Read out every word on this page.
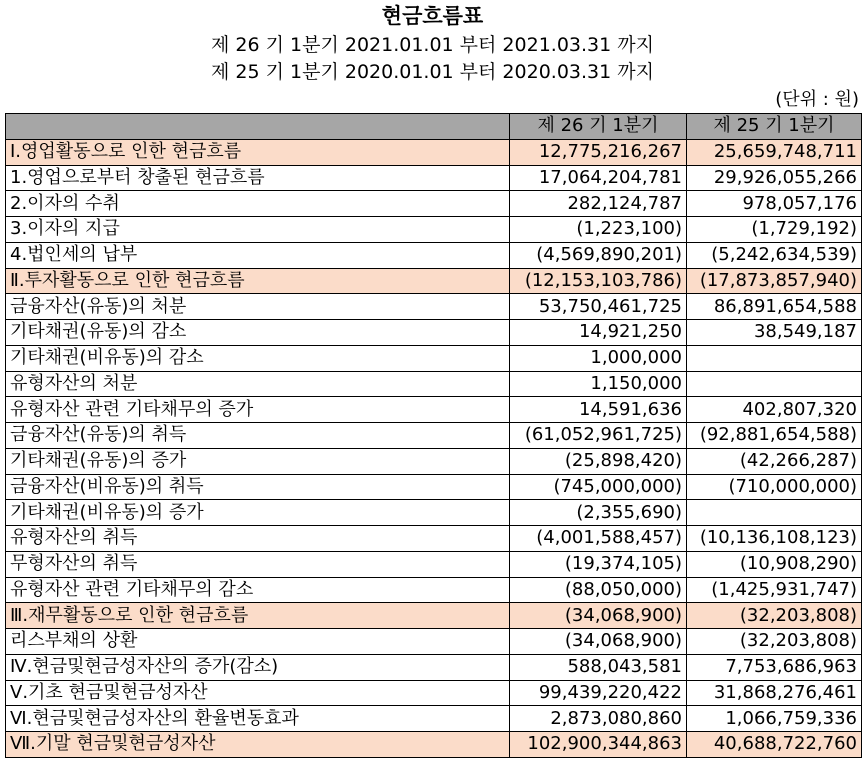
현금흐름표
제 26 기 1분기 2021.01.01 부터 2021.03.31 까지
제 25 기 1분기 2020.01.01 부터 2020.03.31 까지
(단위 : 원)
	제 26 기 1분기	제 25 기 1분기
Ⅰ.영업활동으로 인한 현금흐름	12,775,216,267	25,659,748,711
1.영업으로부터 창출된 현금흐름	17,064,204,781	29,926,055,266
2.이자의 수취	282,124,787	978,057,176
3.이자의 지급	(1,223,100)	(1,729,192)
4.법인세의 납부	(4,569,890,201)	(5,242,634,539)
Ⅱ.투자활동으로 인한 현금흐름	(12,153,103,786)	(17,873,857,940)
금융자산(유동)의 처분	53,750,461,725	86,891,654,588
기타채권(유동)의 감소	14,921,250	38,549,187
기타채권(비유동)의 감소	1,000,000	
유형자산의 처분	1,150,000	
유형자산 관련 기타채무의 증가	14,591,636	402,807,320
금융자산(유동)의 취득	(61,052,961,725)	(92,881,654,588)
기타채권(유동)의 증가	(25,898,420)	(42,266,287)
금융자산(비유동)의 취득	(745,000,000)	(710,000,000)
기타채권(비유동)의 증가	(2,355,690)	
유형자산의 취득	(4,001,588,457)	(10,136,108,123)
무형자산의 취득	(19,374,105)	(10,908,290)
유형자산 관련 기타채무의 감소	(88,050,000)	(1,425,931,747)
Ⅲ.재무활동으로 인한 현금흐름	(34,068,900)	(32,203,808)
리스부채의 상환	(34,068,900)	(32,203,808)
Ⅳ.현금및현금성자산의 증가(감소)	588,043,581	7,753,686,963
Ⅴ.기초 현금및현금성자산	99,439,220,422	31,868,276,461
Ⅵ.현금및현금성자산의 환율변동효과	2,873,080,860	1,066,759,336
Ⅶ.기말 현금및현금성자산	102,900,344,863	40,688,722,760
